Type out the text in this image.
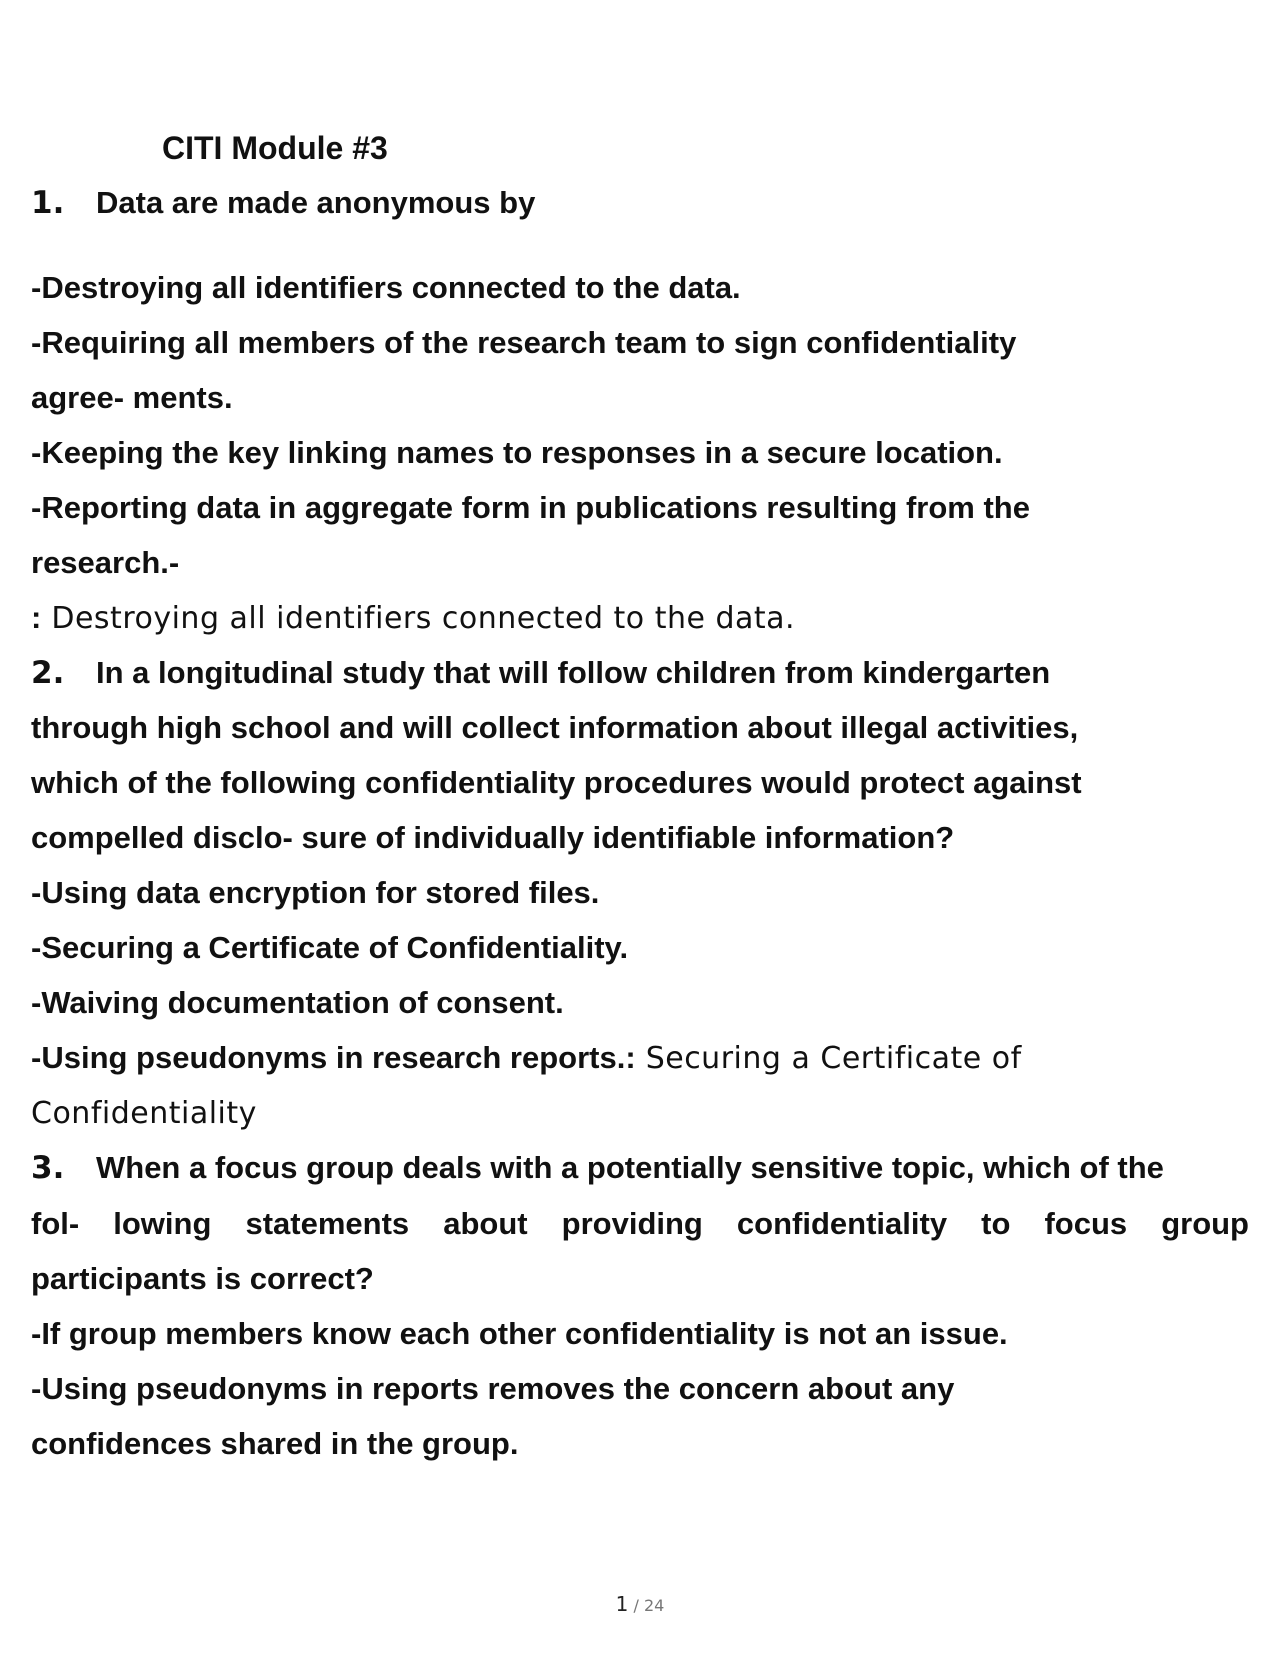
CITI Module #3
1. Data are made anonymous by
-Destroying all identifiers connected to the data.
-Requiring all members of the research team to sign confidentiality
agree- ments.
-Keeping the key linking names to responses in a secure location.
-Reporting data in aggregate form in publications resulting from the
research.-
: Destroying all identifiers connected to the data.
2. In a longitudinal study that will follow children from kindergarten
through high school and will collect information about illegal activities,
which of the following confidentiality procedures would protect against
compelled disclo- sure of individually identifiable information?
-Using data encryption for stored files.
-Securing a Certificate of Confidentiality.
-Waiving documentation of consent.
-Using pseudonyms in research reports.: Securing a Certificate of
Confidentiality
3. When a focus group deals with a potentially sensitive topic, which of the
fol- lowing statements about providing confidentiality to focus group
participants is correct?
-If group members know each other confidentiality is not an issue.
-Using pseudonyms in reports removes the concern about any
confidences shared in the group.
1 / 24
